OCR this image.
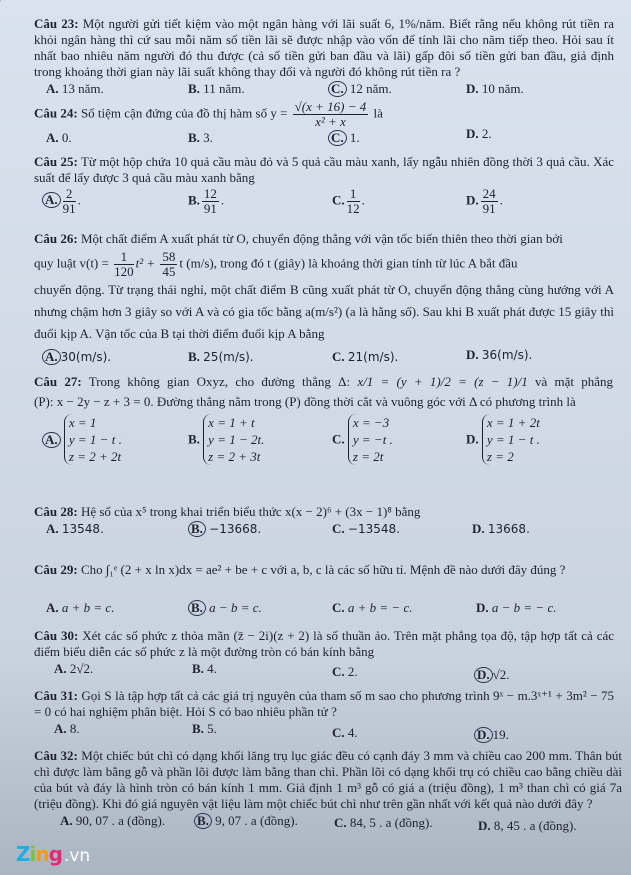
Câu 23: Một người gửi tiết kiệm vào một ngân hàng với lãi suất 6, 1%/năm. Biết rằng nếu không rút tiền ra khỏi ngân hàng thì cứ sau mỗi năm số tiền lãi sẽ được nhập vào vốn để tính lãi cho năm tiếp theo. Hỏi sau ít nhất bao nhiêu năm người đó thu được (cả số tiền gửi ban đầu và lãi) gấp đôi số tiền gửi ban đầu, giả định trong khoảng thời gian này lãi suất không thay đổi và người đó không rút tiền ra ?
A. 13 năm.	B. 11 năm.	C. 12 năm.	D. 10 năm.
Câu 24: Số tiệm cận đứng của đồ thị hàm số $y = \frac{√(x + 16) - 4}{\text{x² + x}}$ là
A. 0.	B. 3.	C. 1.	D. 2.
Câu 25: Từ một hộp chứa 10 quả cầu màu đỏ và 5 quả cầu màu xanh, lấy ngẫu nhiên đồng thời 3 quả cầu. Xác suất để lấy được 3 quả cầu màu xanh bằng
A. $\frac{2}{91}$ .	B. $\frac{12}{91}$ .	C. $\frac{1}{12}$ .	D. $\frac{24}{91}$ .
Câu 26: Một chất điểm A xuất phát từ O, chuyển động thẳng với vận tốc biến thiên theo thời gian bởi
quy luật $v(t) = \frac{1}{120} t^2 + \frac{58}{45}$ t (m/s), trong đó t (giây) là khoảng thời gian tính từ lúc A bắt đầu
chuyển động. Từ trạng thái nghỉ, một chất điểm B cũng xuất phát từ O, chuyển động thẳng cùng hướng với A nhưng chậm hơn 3 giây so với A và có gia tốc bằng a(m/s²) (a là hằng số). Sau khi B xuất phát được 15 giây thì đuổi kịp A. Vận tốc của B tại thời điểm đuổi kịp A bằng
A. 30(m/s).	B. 25(m/s).	C. 21(m/s).	D. 36(m/s).
Câu 27: Trong không gian Oxyz, cho đường thẳng Δ: x/1 = (y + 1)/2 = (z − 1)/1 và mặt phẳng
(P): x − 2y − z + 3 = 0. Đường thẳng nằm trong (P) đồng thời cắt và vuông góc với Δ có phương trình là
A.
x = 1
y = 1 − t .
z = 2 + 2t
B.
x = 1 + t
y = 1 − 2t.
z = 2 + 3t
C.
x = −3
y = −t .
z = 2t
D.
x = 1 + 2t
y = 1 − t .
z = 2
Câu 28: Hệ số của x⁵ trong khai triển biểu thức x(x − 2)⁶ + (3x − 1)⁸ bằng
A. 13548.	B. −13668.	C. −13548.	D. 13668.
Câu 29: Cho ∫₁ᵉ (2 + x ln x)dx = ae² + be + c với a, b, c là các số hữu tỉ. Mệnh đề nào dưới đây đúng ?
A. a + b = c.	B. a − b = c.	C. a + b = − c.	D. a − b = − c.
Câu 30: Xét các số phức z thỏa mãn (z̄ − 2i)(z + 2) là số thuần ảo. Trên mặt phẳng tọa độ, tập hợp tất cả các điểm biểu diễn các số phức z là một đường tròn có bán kính bằng
A. 2√2.	B. 4.	C. 2.	D. √2.
Câu 31: Gọi S là tập hợp tất cả các giá trị nguyên của tham số m sao cho phương trình 9ˣ − m.3ˣ⁺¹ + 3m² − 75 = 0 có hai nghiệm phân biệt. Hỏi S có bao nhiêu phần tử ?
A. 8.	B. 5.	C. 4.	D. 19.
Câu 32: Một chiếc bút chì có dạng khối lăng trụ lục giác đều có cạnh đáy 3 mm và chiều cao 200 mm. Thân bút chì được làm bằng gỗ và phần lõi được làm bằng than chì. Phần lõi có dạng khối trụ có chiều cao bằng chiều dài của bút và đáy là hình tròn có bán kính 1 mm. Giả định 1 m³ gỗ có giá a (triệu đồng), 1 m³ than chì có giá 7a (triệu đồng). Khi đó giá nguyên vật liệu làm một chiếc bút chì như trên gần nhất với kết quả nào dưới đây ?
A. 90, 07 . a (đồng). B. 9, 07 . a (đồng).	C. 84, 5 . a (đồng).	D. 8, 45 . a (đồng).
Zing .vn
